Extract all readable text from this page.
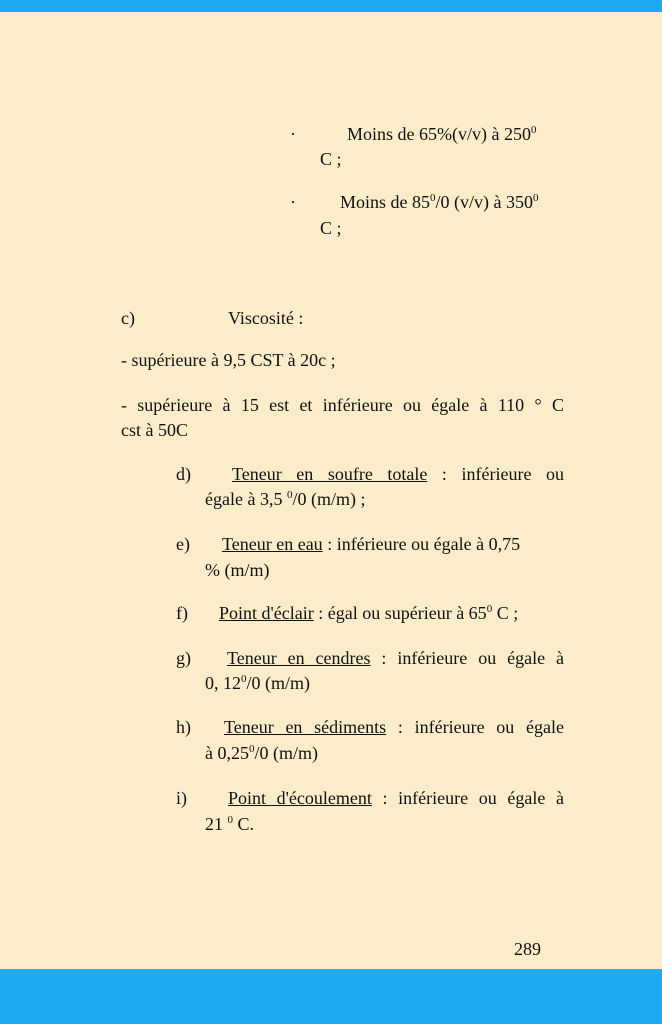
·	Moins de 65%(v/v) à $250^0$
C ;
· Moins de $85^0/0$ (v/v) à $350^0$
C ;
c)	Viscosité :
- supérieure à 9,5 CST à 20c ;
- supérieure à 15 est et inférieure ou égale à 110 ° C
cst à 50C
d) Teneur en soufre totale : inférieure ou
égale à 3,5 $^0$/0 (m/m) ;
e) Teneur en eau : inférieure ou égale à 0,75
% (m/m)
f) Point d'éclair : égal ou supérieur à $65^0$ C ;
g) Teneur en cendres : inférieure ou égale à
0, $12^0/0$ (m/m)
h) Teneur en sédiments : inférieure ou égale
à 0,25$^0$/0 (m/m)
i) Point d'écoulement : inférieure ou égale à
21 $^0$ C.
289
